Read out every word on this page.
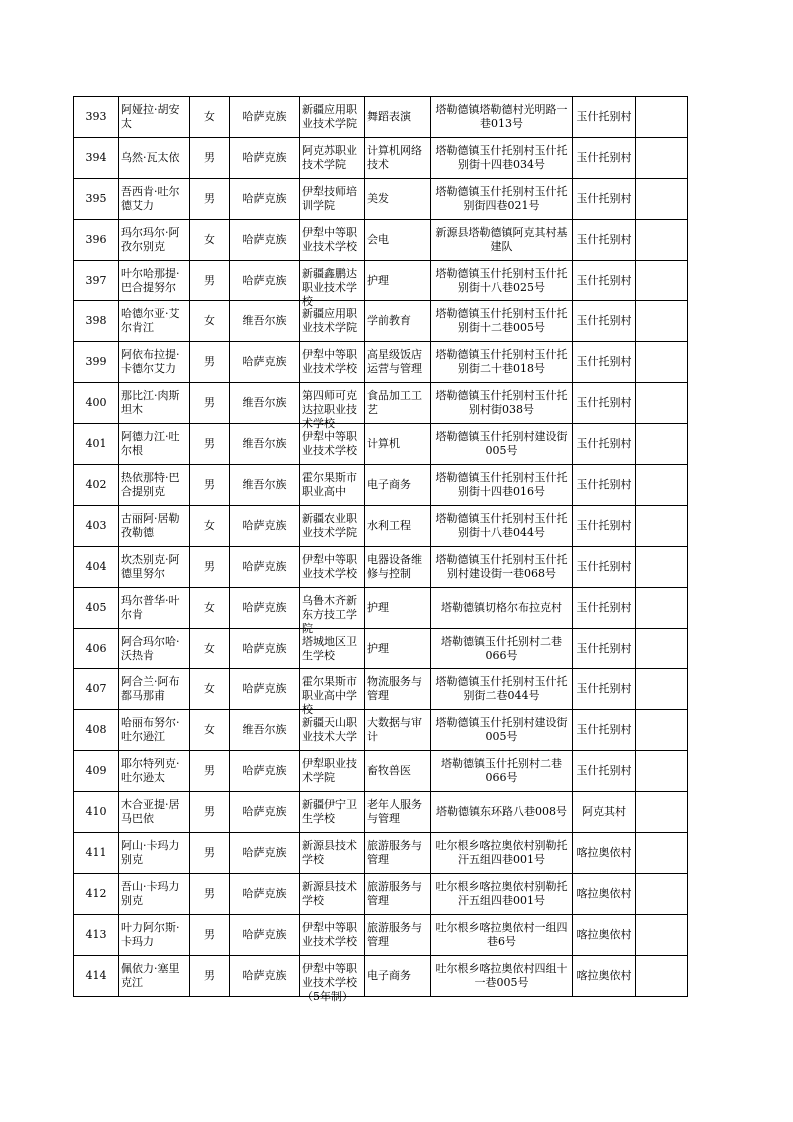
393	阿娅拉·胡安太	女	哈萨克族	新疆应用职业技术学院	舞蹈表演	塔勒德镇塔勒德村光明路一巷013号	玉什托别村	

394	乌然·瓦太依	男	哈萨克族	阿克苏职业技术学院	计算机网络技术	塔勒德镇玉什托别村玉什托别街十四巷034号	玉什托别村	

395	吾西肯·吐尔德艾力	男	哈萨克族	伊犁技师培训学院	美发	塔勒德镇玉什托别村玉什托别街四巷021号	玉什托别村	

396	玛尔玛尔·阿孜尔别克	女	哈萨克族	伊犁中等职业技术学校	会电	新源县塔勒德镇阿克其村基建队	玉什托别村	

397	叶尔哈那提·巴合提努尔	男	哈萨克族	新疆鑫鹏达职业技术学校	护理	塔勒德镇玉什托别村玉什托别街十八巷025号	玉什托别村	

398	哈德尔亚·艾尔肯江	女	维吾尔族	新疆应用职业技术学院	学前教育	塔勒德镇玉什托别村玉什托别街十二巷005号	玉什托别村	

399	阿依布拉提·卡德尔艾力	男	哈萨克族	伊犁中等职业技术学校	高星级饭店运营与管理	塔勒德镇玉什托别村玉什托别街二十巷018号	玉什托别村	

400	那比江·肉斯坦木	男	维吾尔族	第四师可克达拉职业技术学校	食品加工工艺	塔勒德镇玉什托别村玉什托别村街038号	玉什托别村	

401	阿德力江·吐尔根	男	维吾尔族	伊犁中等职业技术学校	计算机	塔勒德镇玉什托别村建设街005号	玉什托别村	

402	热依那特·巴合提别克	男	维吾尔族	霍尔果斯市职业高中	电子商务	塔勒德镇玉什托别村玉什托别街十四巷016号	玉什托别村	

403	古丽阿·居勒孜勒德	女	哈萨克族	新疆农业职业技术学院	水利工程	塔勒德镇玉什托别村玉什托别街十八巷044号	玉什托别村	

404	坎杰别克·阿德里努尔	男	哈萨克族	伊犁中等职业技术学校	电器设备维修与控制	塔勒德镇玉什托别村玉什托别村建设街一巷068号	玉什托别村	

405	玛尔普华·叶尔肯	女	哈萨克族	乌鲁木齐新东方技工学院	护理	塔勒德镇切格尔布拉克村	玉什托别村	

406	阿合玛尔哈·沃热肯	女	哈萨克族	塔城地区卫生学校	护理	塔勒德镇玉什托别村二巷066号	玉什托别村	

407	阿合兰·阿布都马那甫	女	哈萨克族	霍尔果斯市职业高中学校	物流服务与管理	塔勒德镇玉什托别村玉什托别街二巷044号	玉什托别村	

408	哈丽布努尔·吐尔逊江	女	维吾尔族	新疆天山职业技术大学	大数据与审计	塔勒德镇玉什托别村建设街005号	玉什托别村	

409	耶尔特列克·吐尔逊太	男	哈萨克族	伊犁职业技术学院	畜牧兽医	塔勒德镇玉什托别村二巷066号	玉什托别村	

410	木合亚提·居马巴依	男	哈萨克族	新疆伊宁卫生学校	老年人服务与管理	塔勒德镇东环路八巷008号	阿克其村	

411	阿山·卡玛力别克	男	哈萨克族	新源县技术学校	旅游服务与管理	吐尔根乡喀拉奥依村别勒托汗五组四巷001号	喀拉奥依村	

412	吾山·卡玛力别克	男	哈萨克族	新源县技术学校	旅游服务与管理	吐尔根乡喀拉奥依村别勒托汗五组四巷001号	喀拉奥依村	

413	叶力阿尔斯·卡玛力	男	哈萨克族	伊犁中等职业技术学校	旅游服务与管理	吐尔根乡喀拉奥依村一组四巷6号	喀拉奥依村	

414	佩依力·塞里克江	男	哈萨克族	伊犁中等职业技术学校（5年制）	电子商务	吐尔根乡喀拉奥依村四组十一巷005号	喀拉奥依村	
